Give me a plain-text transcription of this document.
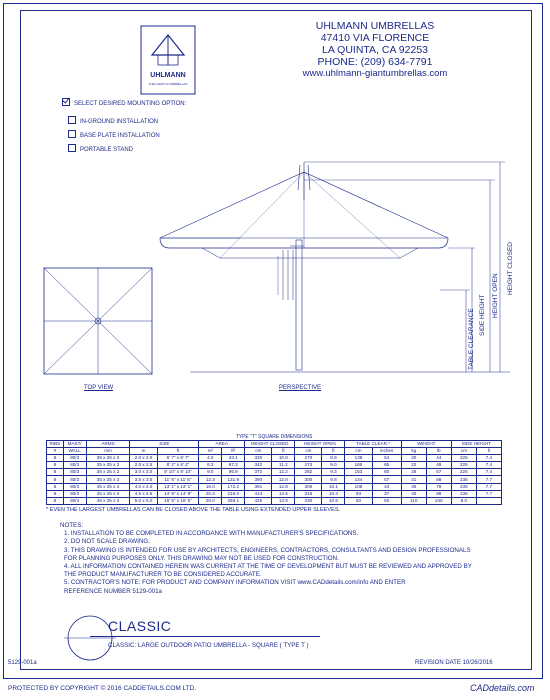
UHLMANN
THE GIANT IN UMBRELLAS
UHLMANN UMBRELLAS
47410 VIA FLORENCE
LA QUINTA, CA 92253
PHONE: (209) 634-7791
www.uhlmann-giantumbrellas.com
SELECT DESIRED MOUNTING OPTION:
IN-GROUND INSTALLATION
BASE PLATE INSTALLATION
PORTABLE STAND
TOP VIEW
HEIGHT CLOSED
HEIGHT OPEN
SIDE HEIGHT
TABLE CLEARANCE
PERSPECTIVE
TYPE "T" SQUARE DIMENSIONS
RIBS	MAST/	ARMS	SIZE		AREA		HEIGHT CLOSED		HEIGHT OPEN		TABLE CLEAR.*		WEIGHT		SIDE HEIGHT	
#	WALL	mm	m	ft	m²	ft²	cm	ft	cm	ft	cm	inches	kg	lb	cm	ft
8	80/3	35 x 25 x 2	2.0 x 2.0	6' 7" x 6' 7"	4.0	43.1	330	10.8	270	8.9	138	54	20	44	225	7.4
8	80/3	35 x 25 x 2	2.5 x 2.5	8' 2" x 8' 2"	6.3	67.3	342	11.2	273	9.0	165	65	22	49	225	7.4
8	80/3	35 x 25 x 2	3.0 x 3.0	9' 10" x 9' 10"	9.0	96.9	372	12.2	282	9.3	153	60	26	57	225	7.4
8	80/3	35 x 25 x 2	3.5 x 3.5	11' 6" x 11' 6"	12.3	131.9	390	12.8	300	9.8	144	57	31	68	236	7.7
8	80/3	35 x 25 x 2	4.0 x 4.0	13' 1" x 13' 1"	16.0	172.2	391	12.8	306	10.1	108	43	36	79	236	7.7
8	80/3	35 x 25 x 2	4.5 x 4.5	14' 9" x 14' 9"	20.3	218.0	413	13.6	316	10.4	93	37	40	88	236	7.7
8	80/4	45 x 25 x 2	5.0 x 5.0	16' 5" x 16' 5"	25.0	269.1	425	13.9	330	10.8	50	50	110	245	8.0	
* EVEN THE LARGEST UMBRELLAS CAN BE CLOSED ABOVE THE TABLE USING EXTENDED UPPER SLEEVES.
NOTES:
1. INSTALLATION TO BE COMPLETED IN ACCORDANCE WITH MANUFACTURER'S SPECIFICATIONS.
2. DO NOT SCALE DRAWING.
3. THIS DRAWING IS INTENDED FOR USE BY ARCHITECTS, ENGINEERS, CONTRACTORS, CONSULTANTS AND DESIGN PROFESSIONALS
FOR PLANNING PURPOSES ONLY. THIS DRAWING MAY NOT BE USED FOR CONSTRUCTION.
4. ALL INFORMATION CONTAINED HEREIN WAS CURRENT AT THE TIME OF DEVELOPMENT BUT MUST BE REVIEWED AND APPROVED BY
THE PRODUCT MANUFACTURER TO BE CONSIDERED ACCURATE.
5. CONTRACTOR'S NOTE: FOR PRODUCT AND COMPANY INFORMATION VISIT www.CADdetails.com/info AND ENTER
REFERENCE NUMBER 5129-001a
CLASSIC
CLASSIC: LARGE OUTDOOR PATIO UMBRELLA - SQUARE ( TYPE T )
5129-001a	REVISION DATE 10/26/2016
PROTECTED BY COPYRIGHT © 2016 CADDETAILS.COM LTD.	CADdetails.com
